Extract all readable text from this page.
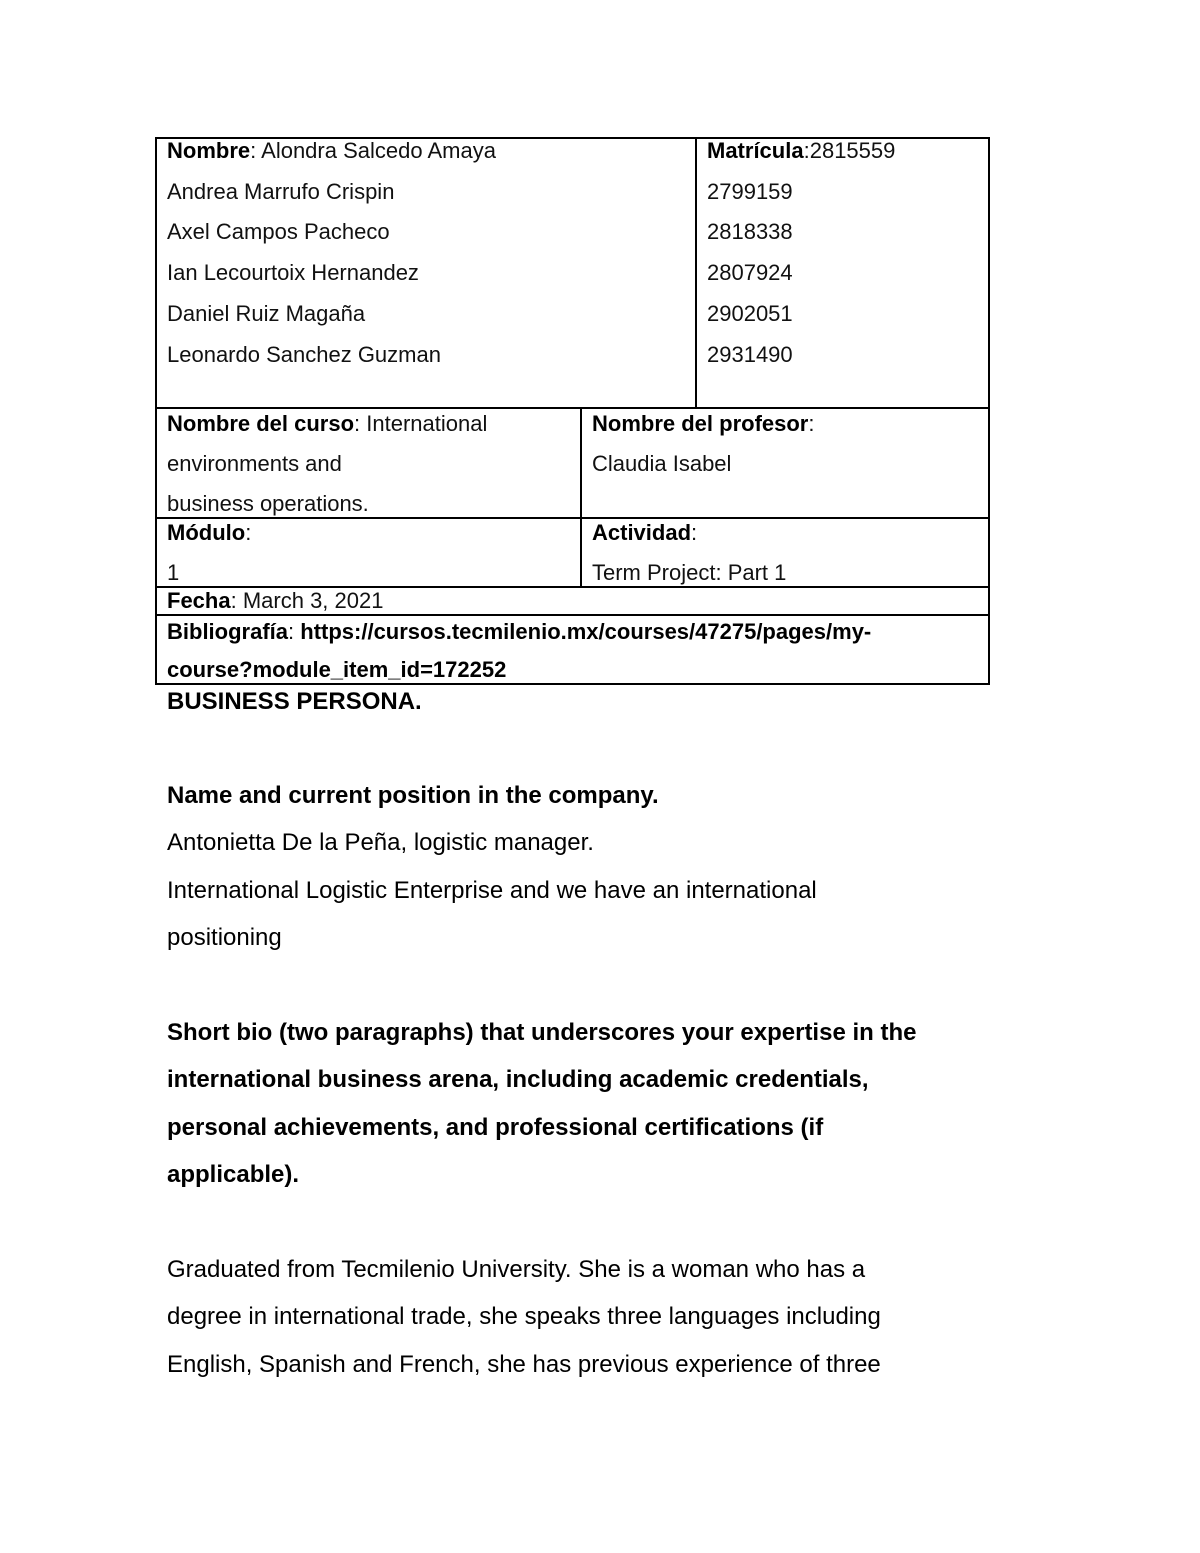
Nombre: Alondra Salcedo Amaya
Andrea Marrufo Crispin
Axel Campos Pacheco
Ian Lecourtoix Hernandez
Daniel Ruiz Magaña
Leonardo Sanchez Guzman
Matrícula:2815559
2799159
2818338
2807924
2902051
2931490
Nombre del curso: International
environments and
business operations.
Nombre del profesor:
Claudia Isabel
Módulo:
1
Actividad:
Term Project: Part 1
Fecha: March 3, 2021
Bibliografía: https://cursos.tecmilenio.mx/courses/47275/pages/my-
course?module_item_id=172252
BUSINESS PERSONA.
Name and current position in the company.
Antonietta De la Peña, logistic manager.
International Logistic Enterprise and we have an international
positioning
Short bio (two paragraphs) that underscores your expertise in the
international business arena, including academic credentials,
personal achievements, and professional certifications (if
applicable).
Graduated from Tecmilenio University. She is a woman who has a
degree in international trade, she speaks three languages including
English, Spanish and French, she has previous experience of three
